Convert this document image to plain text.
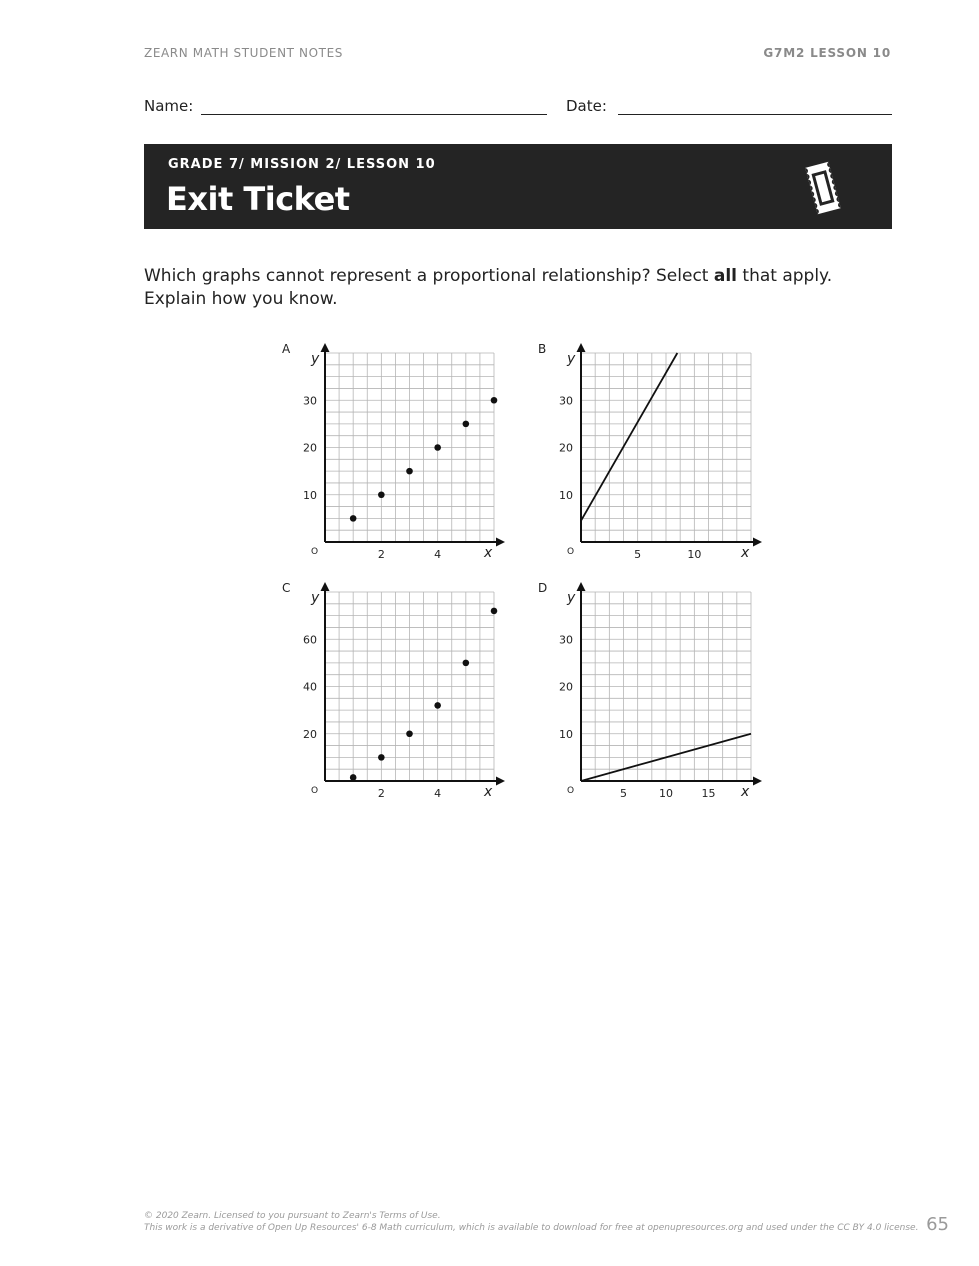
ZEARN MATH STUDENT NOTES	G7M2 LESSON 10
Name:	Date:
GRADE 7/ MISSION 2/ LESSON 10
Exit Ticket
Which graphs cannot represent a proportional relationship? Select all that apply. Explain how you know.
A
x
y
O	2	4
10
20
30
B
x
y
O	5	10
10
20
30
C
x
y
O	2	4
20
40
60
D
x
y
O	5	10	15
10
20
30
© 2020 Zearn. Licensed to you pursuant to Zearn's Terms of Use.
This work is a derivative of Open Up Resources' 6-8 Math curriculum, which is available to download for free at openupresources.org and used under the CC BY 4.0 license. 65
